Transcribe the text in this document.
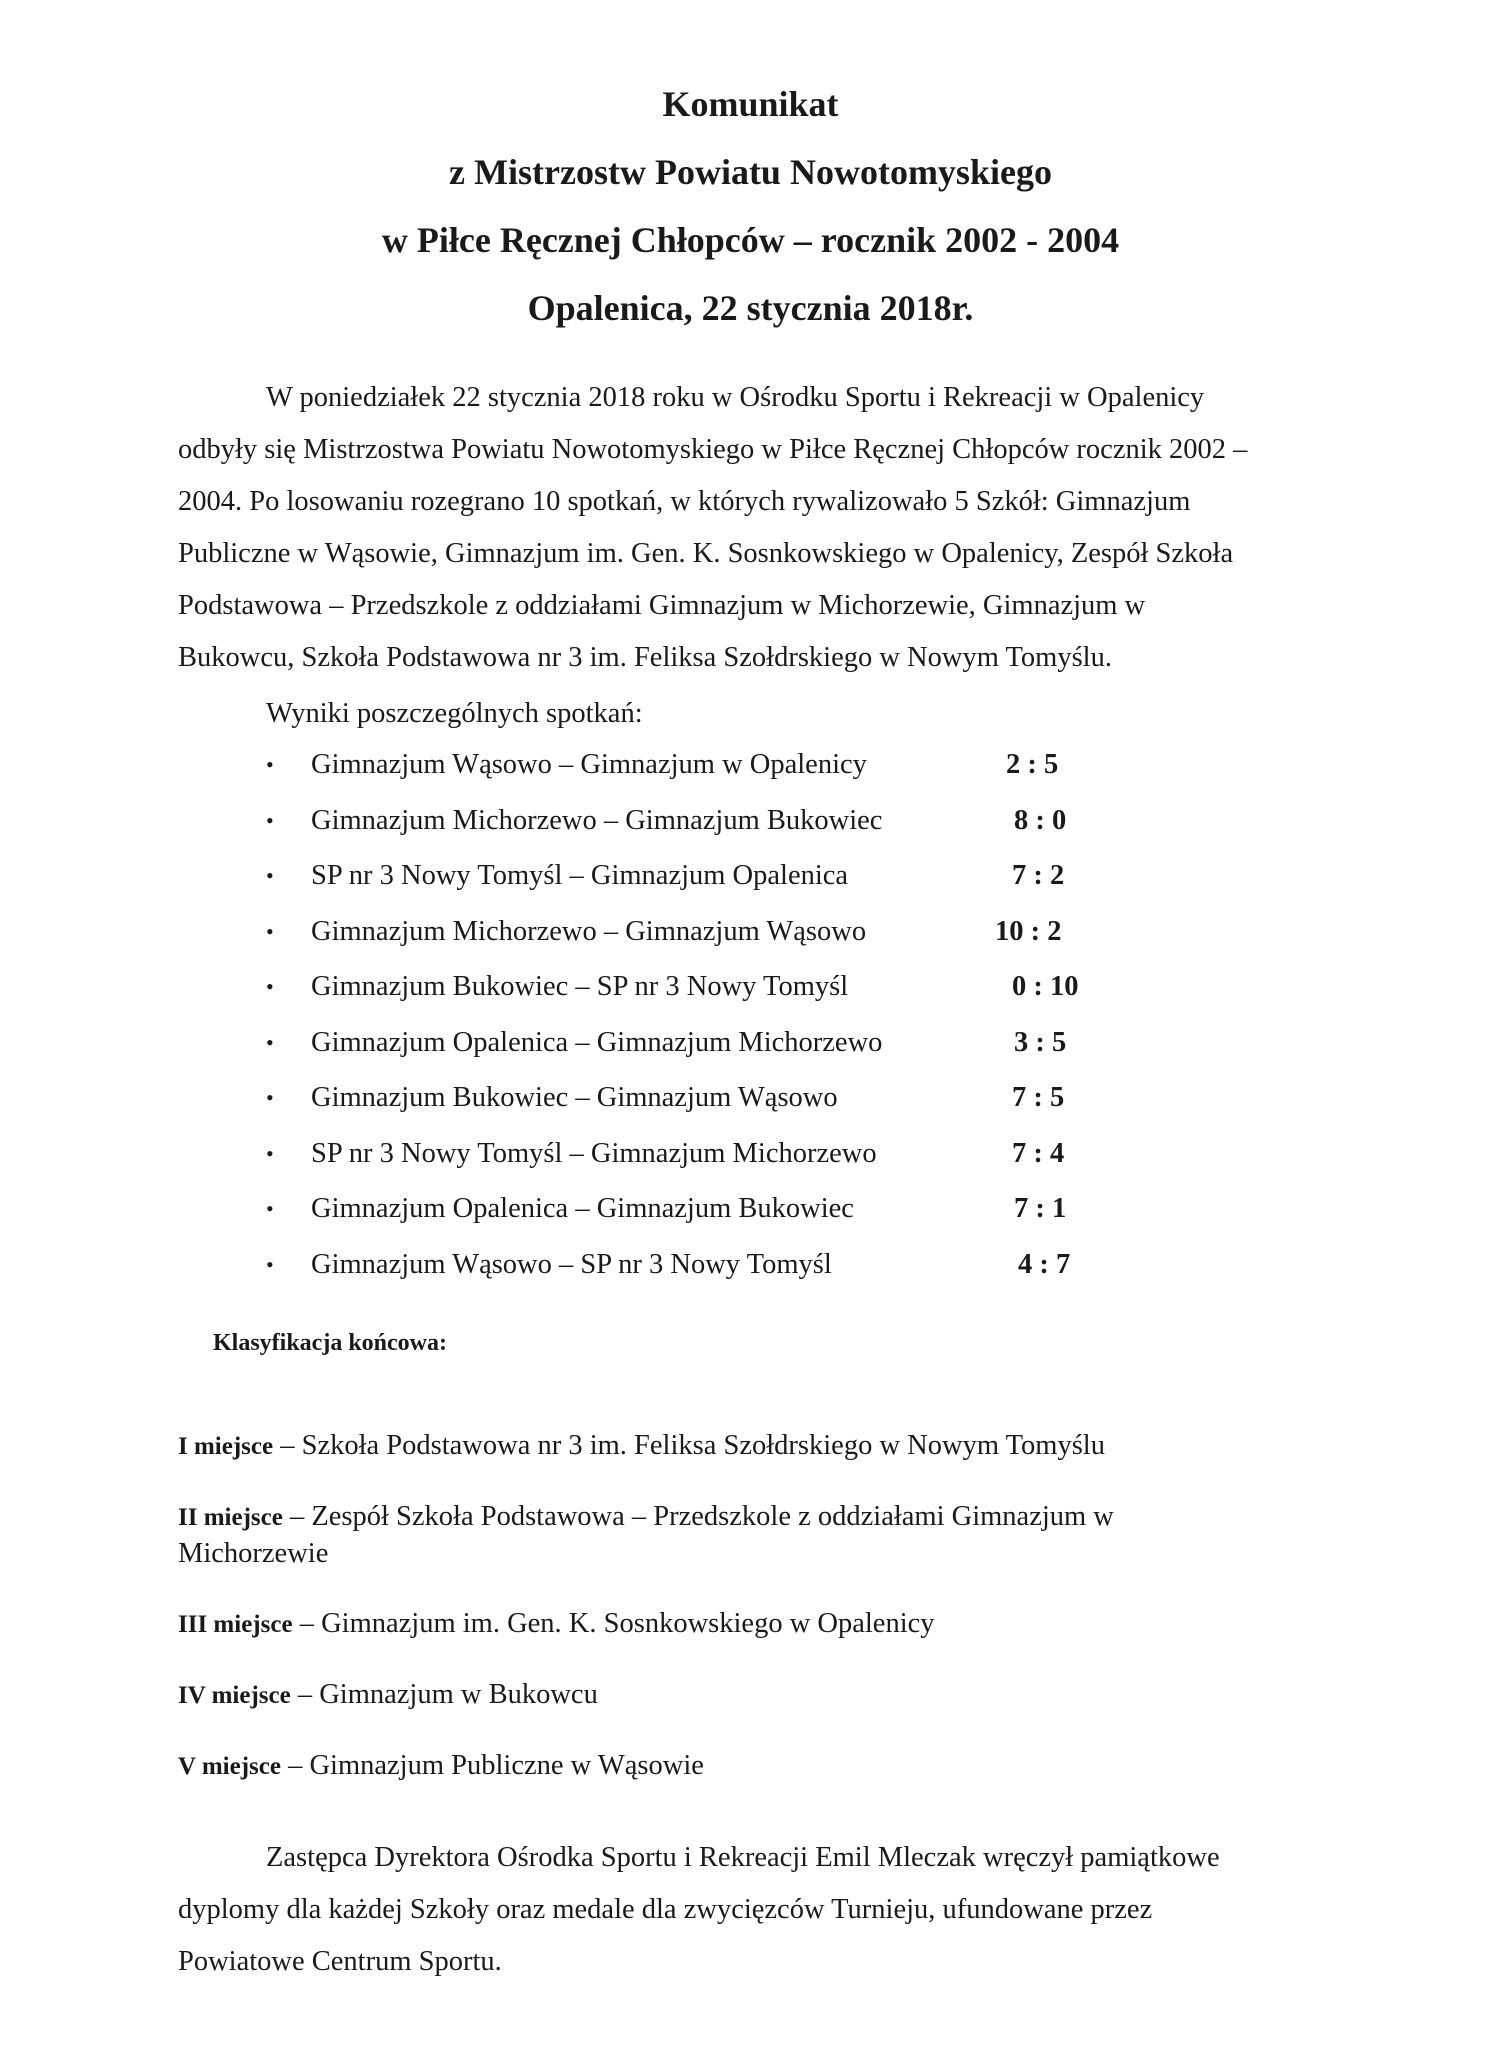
Komunikat
z Mistrzostw Powiatu Nowotomyskiego
w Piłce Ręcznej Chłopców – rocznik 2002 - 2004
Opalenica, 22 stycznia 2018r.
W poniedziałek 22 stycznia 2018 roku w Ośrodku Sportu i Rekreacji w Opalenicy
odbyły się Mistrzostwa Powiatu Nowotomyskiego w Piłce Ręcznej Chłopców rocznik 2002 –
2004. Po losowaniu rozegrano 10 spotkań, w których rywalizowało 5 Szkół: Gimnazjum
Publiczne w Wąsowie, Gimnazjum im. Gen. K. Sosnkowskiego w Opalenicy, Zespół Szkoła
Podstawowa – Przedszkole z oddziałami Gimnazjum w Michorzewie, Gimnazjum w
Bukowcu, Szkoła Podstawowa nr 3 im. Feliksa Szołdrskiego w Nowym Tomyślu.
Wyniki poszczególnych spotkań:
•	Gimnazjum Wąsowo – Gimnazjum w Opalenicy	2 : 5
•	Gimnazjum Michorzewo – Gimnazjum Bukowiec	8 : 0
•	SP nr 3 Nowy Tomyśl – Gimnazjum Opalenica	7 : 2
•	Gimnazjum Michorzewo – Gimnazjum Wąsowo	10 : 2
•	Gimnazjum Bukowiec – SP nr 3 Nowy Tomyśl	0 : 10
•	Gimnazjum Opalenica – Gimnazjum Michorzewo	3 : 5
•	Gimnazjum Bukowiec – Gimnazjum Wąsowo	7 : 5
•	SP nr 3 Nowy Tomyśl – Gimnazjum Michorzewo	7 : 4
•	Gimnazjum Opalenica – Gimnazjum Bukowiec	7 : 1
•	Gimnazjum Wąsowo – SP nr 3 Nowy Tomyśl	4 : 7
Klasyfikacja końcowa:
I miejsce – Szkoła Podstawowa nr 3 im. Feliksa Szołdrskiego w Nowym Tomyślu
II miejsce – Zespół Szkoła Podstawowa – Przedszkole z oddziałami Gimnazjum w Michorzewie
III miejsce – Gimnazjum im. Gen. K. Sosnkowskiego w Opalenicy
IV miejsce – Gimnazjum w Bukowcu
V miejsce – Gimnazjum Publiczne w Wąsowie
Zastępca Dyrektora Ośrodka Sportu i Rekreacji Emil Mleczak wręczył pamiątkowe
dyplomy dla każdej Szkoły oraz medale dla zwycięzców Turnieju, ufundowane przez
Powiatowe Centrum Sportu.
